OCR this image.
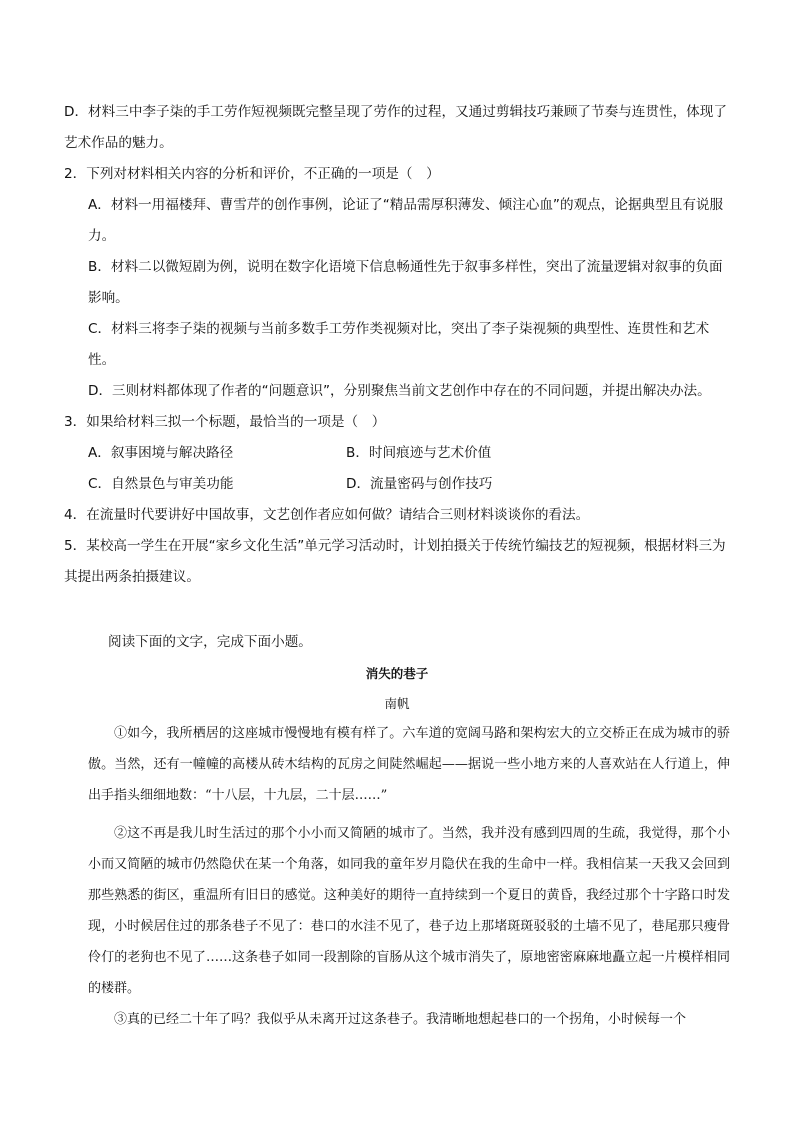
D．材料三中李子柒的手工劳作短视频既完整呈现了劳作的过程，又通过剪辑技巧兼顾了节奏与连贯性，体现了艺术作品的魅力。

2．下列对材料相关内容的分析和评价，不正确的一项是（　）

A．材料一用福楼拜、曹雪芹的创作事例，论证了“精品需厚积薄发、倾注心血”的观点，论据典型且有说服力。

B．材料二以微短剧为例，说明在数字化语境下信息畅通性先于叙事多样性，突出了流量逻辑对叙事的负面影响。

C．材料三将李子柒的视频与当前多数手工劳作类视频对比，突出了李子柒视频的典型性、连贯性和艺术性。

D．三则材料都体现了作者的“问题意识”，分别聚焦当前文艺创作中存在的不同问题，并提出解决办法。

3．如果给材料三拟一个标题，最恰当的一项是（　）

A．叙事困境与解决路径	B．时间痕迹与艺术价值

C．自然景色与审美功能	D．流量密码与创作技巧

4．在流量时代要讲好中国故事，文艺创作者应如何做？请结合三则材料谈谈你的看法。

5．某校高一学生在开展“家乡文化生活”单元学习活动时，计划拍摄关于传统竹编技艺的短视频，根据材料三为其提出两条拍摄建议。

阅读下面的文字，完成下面小题。

消失的巷子

南帆

①如今，我所栖居的这座城市慢慢地有模有样了。六车道的宽阔马路和架构宏大的立交桥正在成为城市的骄傲。当然，还有一幢幢的高楼从砖木结构的瓦房之间陡然崛起——据说一些小地方来的人喜欢站在人行道上，伸出手指头细细地数：“十八层，十九层，二十层……”

②这不再是我儿时生活过的那个小小而又简陋的城市了。当然，我并没有感到四周的生疏，我觉得，那个小小而又简陋的城市仍然隐伏在某一个角落，如同我的童年岁月隐伏在我的生命中一样。我相信某一天我又会回到那些熟悉的街区，重温所有旧日的感觉。这种美好的期待一直持续到一个夏日的黄昏，我经过那个十字路口时发现，小时候居住过的那条巷子不见了：巷口的水洼不见了，巷子边上那堵斑斑驳驳的土墙不见了，巷尾那只瘦骨伶仃的老狗也不见了……这条巷子如同一段割除的盲肠从这个城市消失了，原地密密麻麻地矗立起一片模样相同的楼群。

③真的已经二十年了吗？我似乎从未离开过这条巷子。我清晰地想起巷口的一个拐角，小时候每一个
